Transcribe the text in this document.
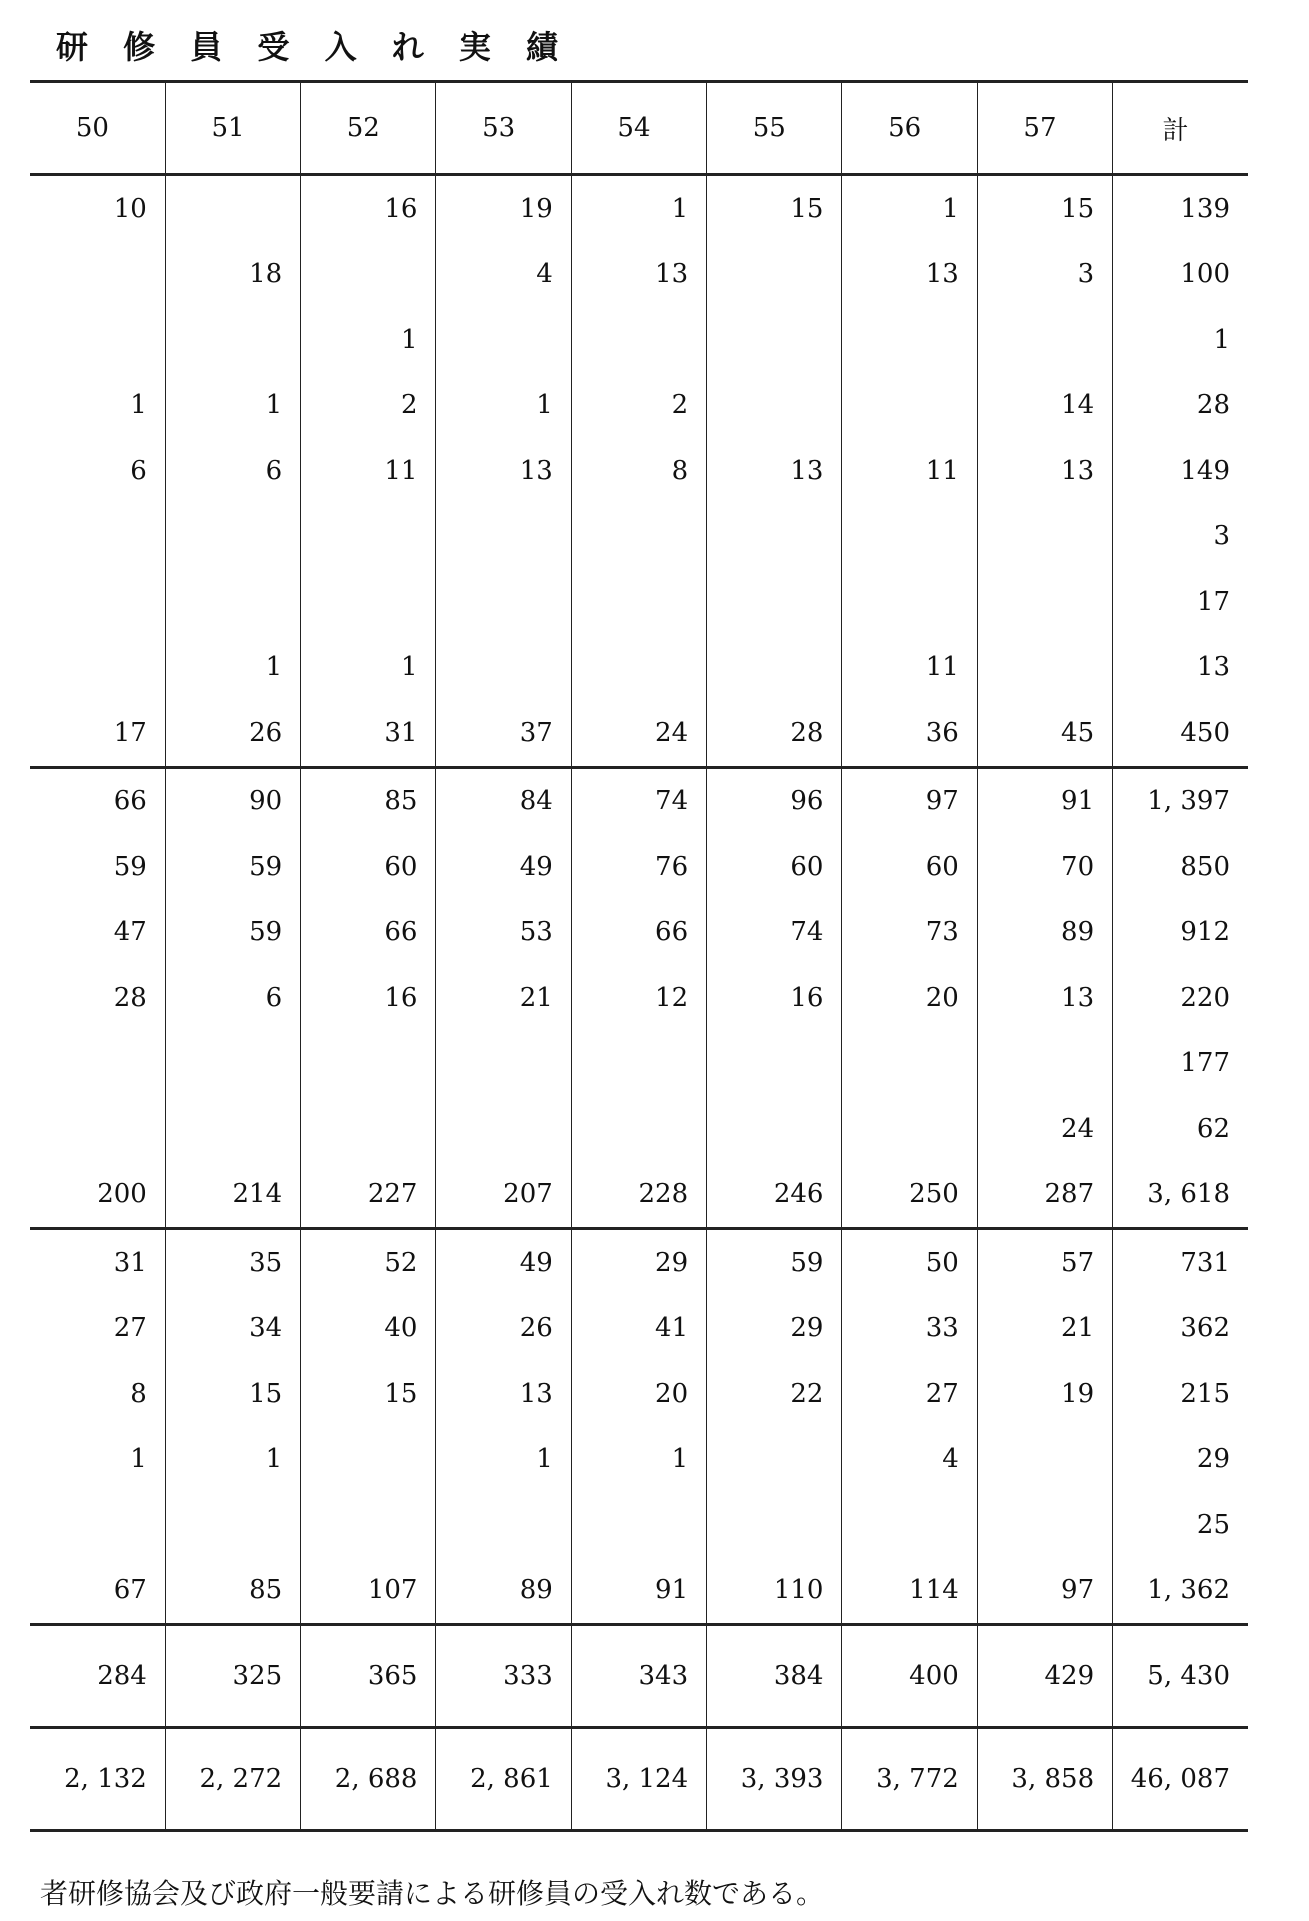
研 修 員 受 入 れ 実 績
50	51	52	53	54	55	56	57	計
10		16	19	1	15	1	15	139
	18		4	13		13	3	100
		1						1
1	1	2	1	2			14	28
6	6	11	13	8	13	11	13	149
								3
								17
	1	1				11		13
17	26	31	37	24	28	36	45	450
66	90	85	84	74	96	97	91	1, 397
59	59	60	49	76	60	60	70	850
47	59	66	53	66	74	73	89	912
28	6	16	21	12	16	20	13	220
								177
							24	62
200	214	227	207	228	246	250	287	3, 618
31	35	52	49	29	59	50	57	731
27	34	40	26	41	29	33	21	362
8	15	15	13	20	22	27	19	215
1	1		1	1		4		29
								25
67	85	107	89	91	110	114	97	1, 362
284	325	365	333	343	384	400	429	5, 430
2, 132	2, 272	2, 688	2, 861	3, 124	3, 393	3, 772	3, 858	46, 087
者研修協会及び政府一般要請による研修員の受入れ数である。
